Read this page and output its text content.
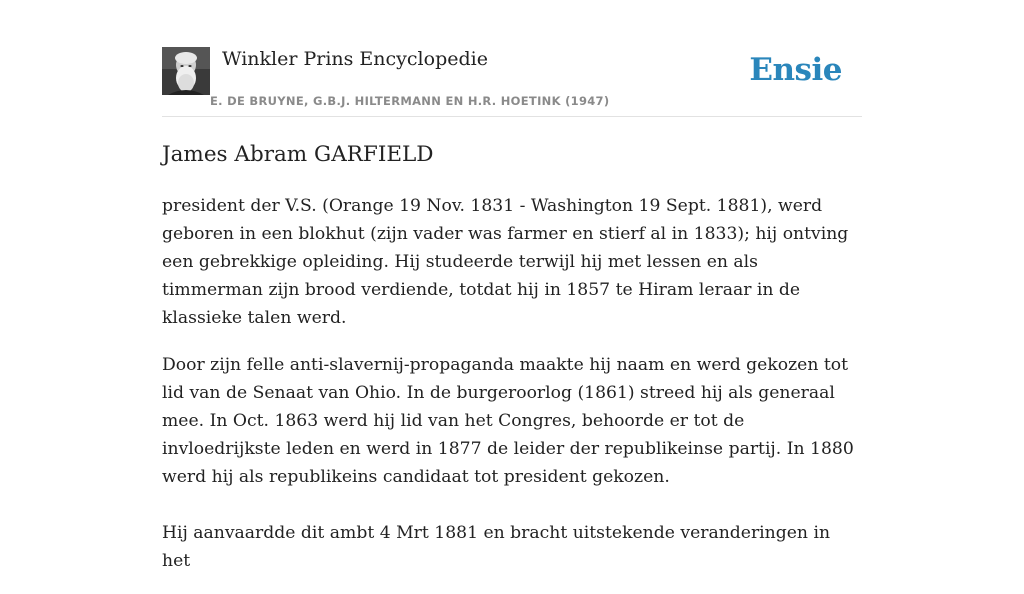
Winkler Prins Encyclopedie
E. DE BRUYNE, G.B.J. HILTERMANN EN H.R. HOETINK (1947)
Ensie
James Abram GARFIELD

president der V.S. (Orange 19 Nov. 1831 - Washington 19 Sept. 1881), werd geboren in een blokhut (zijn vader was farmer en stierf al in 1833); hij ontving een gebrekkige opleiding. Hij studeerde terwijl hij met lessen en als timmerman zijn brood verdiende, totdat hij in 1857 te Hiram leraar in de klassieke talen werd.

Door zijn felle anti-slavernij-propaganda maakte hij naam en werd gekozen tot lid van de Senaat van Ohio. In de burgeroorlog (1861) streed hij als generaal mee. In Oct. 1863 werd hij lid van het Congres, behoorde er tot de invloedrijkste leden en werd in 1877 de leider der republikeinse partij. In 1880 werd hij als republikeins candidaat tot president gekozen.

Hij aanvaardde dit ambt 4 Mrt 1881 en bracht uitstekende veranderingen in het
